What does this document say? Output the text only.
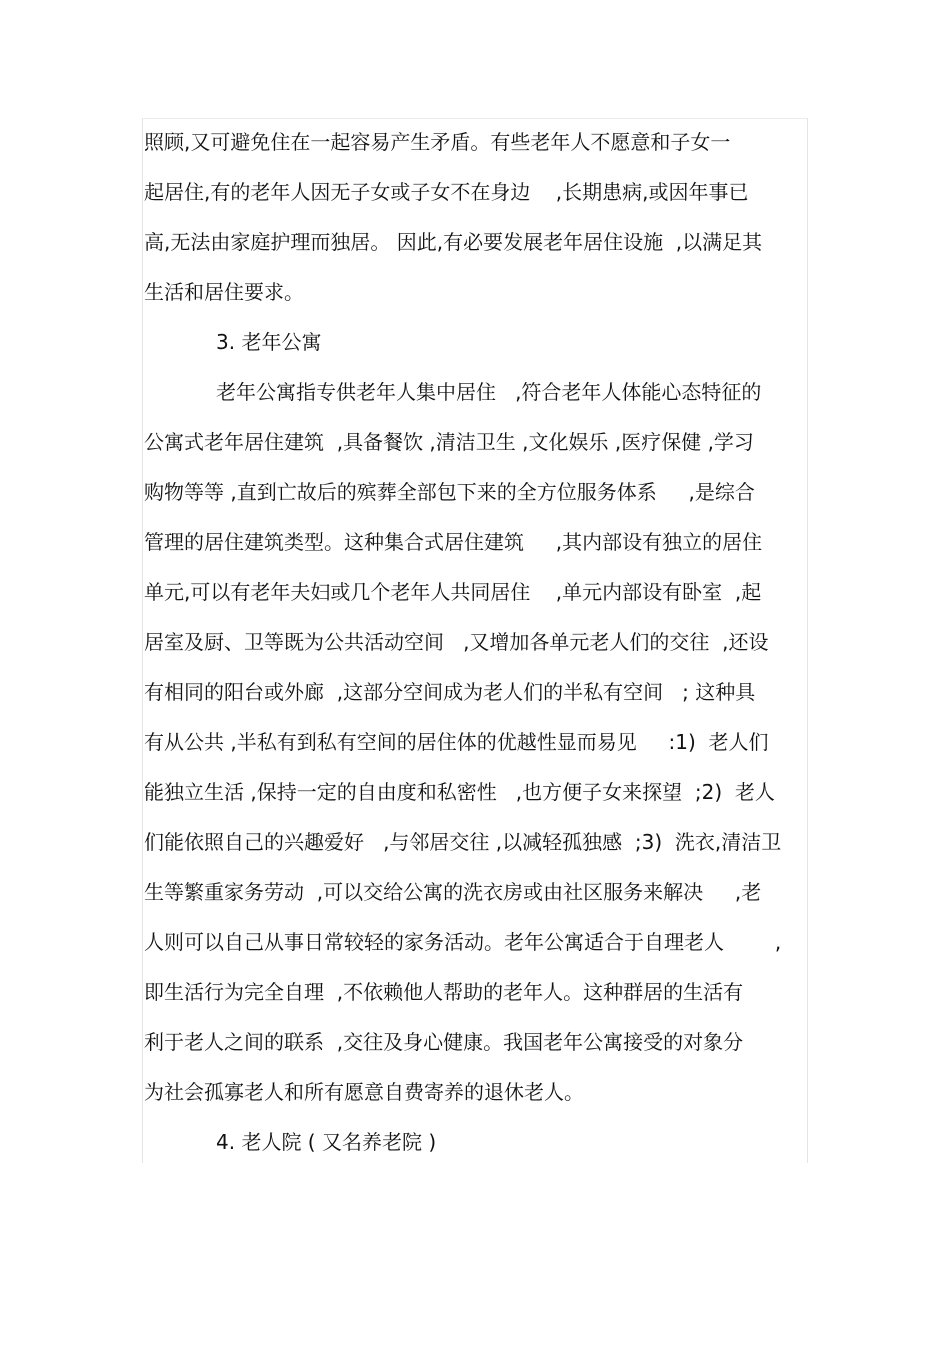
照顾,又可避免住在一起容易产生矛盾。有些老年人不愿意和子女一
起居住,有的老年人因无子女或子女不在身边    ,长期患病,或因年事已
高,无法由家庭护理而独居。 因此,有必要发展老年居住设施  ,以满足其
生活和居住要求。
3. 老年公寓
老年公寓指专供老年人集中居住   ,符合老年人体能心态特征的
公寓式老年居住建筑  ,具备餐饮 ,清洁卫生 ,文化娱乐 ,医疗保健 ,学习
购物等等 ,直到亡故后的殡葬全部包下来的全方位服务体系     ,是综合
管理的居住建筑类型。这种集合式居住建筑     ,其内部设有独立的居住
单元,可以有老年夫妇或几个老年人共同居住    ,单元内部设有卧室  ,起
居室及厨、卫等既为公共活动空间   ,又增加各单元老人们的交往  ,还设
有相同的阳台或外廊  ,这部分空间成为老人们的半私有空间   ; 这种具
有从公共 ,半私有到私有空间的居住体的优越性显而易见     :1)  老人们
能独立生活 ,保持一定的自由度和私密性   ,也方便子女来探望  ;2)  老人
们能依照自己的兴趣爱好   ,与邻居交往 ,以减轻孤独感  ;3)  洗衣,清洁卫
生等繁重家务劳动  ,可以交给公寓的洗衣房或由社区服务来解决     ,老
人则可以自己从事日常较轻的家务活动。老年公寓适合于自理老人        ,
即生活行为完全自理  ,不依赖他人帮助的老年人。这种群居的生活有
利于老人之间的联系  ,交往及身心健康。我国老年公寓接受的对象分
为社会孤寡老人和所有愿意自费寄养的退休老人。
4. 老人院 ( 又名养老院 )
